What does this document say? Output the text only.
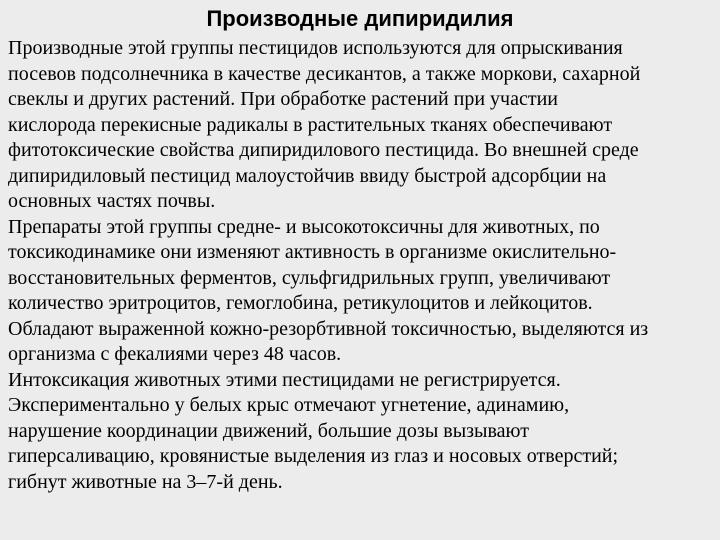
Производные дипиридилия
Производные этой группы пестицидов используются для опрыскивания
посевов подсолнечника в качестве десикантов, а также моркови, сахарной
свеклы и других растений. При обработке растений при участии
кислорода перекисные радикалы в растительных тканях обеспечивают
фитотоксические свойства дипиридилового пестицида. Во внешней среде
дипиридиловый пестицид малоустойчив ввиду быстрой адсорбции на
основных частях почвы.
Препараты этой группы средне- и высокотоксичны для животных, по
токсикодинамике они изменяют активность в организме окислительно-
восстановительных ферментов, сульфгидрильных групп, увеличивают
количество эритроцитов, гемоглобина, ретикулоцитов и лейкоцитов.
Обладают выраженной кожно-резорбтивной токсичностью, выделяются из
организма с фекалиями через 48 часов.
Интоксикация животных этими пестицидами не регистрируется.
Экспериментально у белых крыс отмечают угнетение, адинамию,
нарушение координации движений, большие дозы вызывают
гиперсаливацию, кровянистые выделения из глаз и носовых отверстий;
гибнут животные на 3–7-й день.
